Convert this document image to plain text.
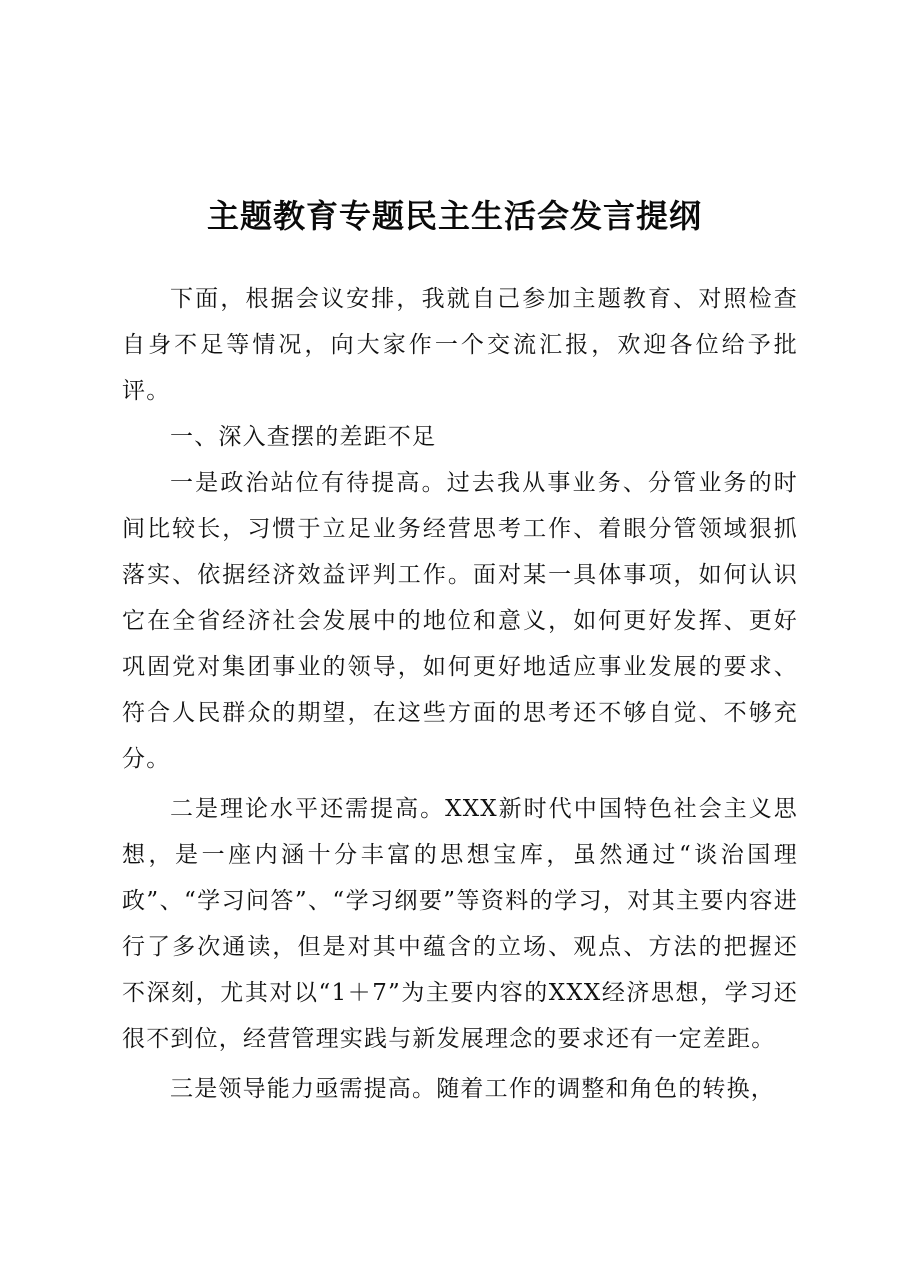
主题教育专题民主生活会发言提纲

下面，根据会议安排，我就自己参加主题教育、对照检查自身不足等情况，向大家作一个交流汇报，欢迎各位给予批评。

一、深入查摆的差距不足

一是政治站位有待提高。过去我从事业务、分管业务的时间比较长，习惯于立足业务经营思考工作、着眼分管领域狠抓落实、依据经济效益评判工作。面对某一具体事项，如何认识它在全省经济社会发展中的地位和意义，如何更好发挥、更好巩固党对集团事业的领导，如何更好地适应事业发展的要求、符合人民群众的期望，在这些方面的思考还不够自觉、不够充分。

二是理论水平还需提高。XXX新时代中国特色社会主义思想，是一座内涵十分丰富的思想宝库，虽然通过“谈治国理政”、“学习问答”、“学习纲要”等资料的学习，对其主要内容进行了多次通读，但是对其中蕴含的立场、观点、方法的把握还不深刻，尤其对以“1＋7”为主要内容的XXX经济思想，学习还很不到位，经营管理实践与新发展理念的要求还有一定差距。

三是领导能力亟需提高。随着工作的调整和角色的转换，
